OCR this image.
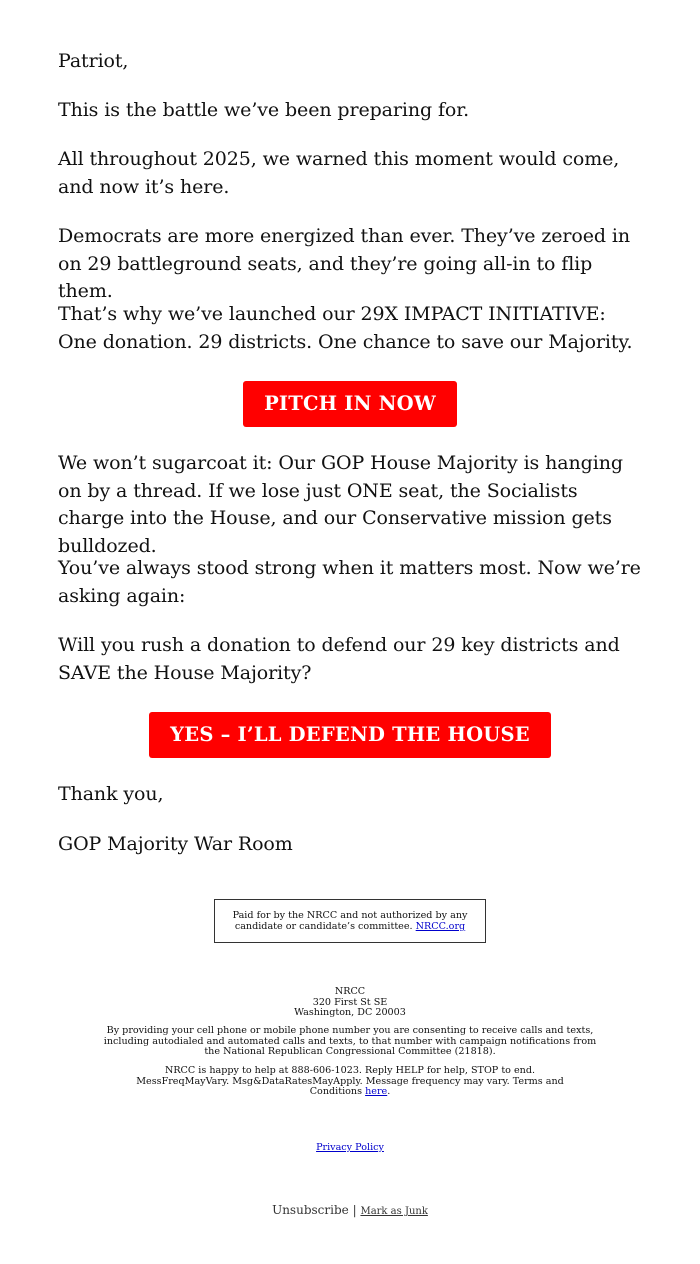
Patriot,

This is the battle we’ve been preparing for.

All throughout 2025, we warned this moment would come, and now it’s here.

Democrats are more energized than ever. They’ve zeroed in on 29 battleground seats, and they’re going all-in to flip them.

That’s why we’ve launched our 29X IMPACT INITIATIVE: One donation. 29 districts. One chance to save our Majority.

PITCH IN NOW

We won’t sugarcoat it: Our GOP House Majority is hanging on by a thread. If we lose just ONE seat, the Socialists charge into the House, and our Conservative mission gets bulldozed.

You’ve always stood strong when it matters most. Now we’re asking again:

Will you rush a donation to defend our 29 key districts and SAVE the House Majority?

YES – I’LL DEFEND THE HOUSE

Thank you,

GOP Majority War Room

Paid for by the NRCC and not authorized by any candidate or candidate’s committee. NRCC.org

NRCC

320 First St SE

Washington, DC 20003

By providing your cell phone or mobile phone number you are consenting to receive calls and texts, including autodialed and automated calls and texts, to that number with campaign notifications from the National Republican Congressional Committee (21818).

NRCC is happy to help at 888-606-1023. Reply HELP for help, STOP to end. MessFreqMayVary. Msg&DataRatesMayApply. Message frequency may vary. Terms and Conditions here.

Privacy Policy
Unsubscribe | Mark as Junk
